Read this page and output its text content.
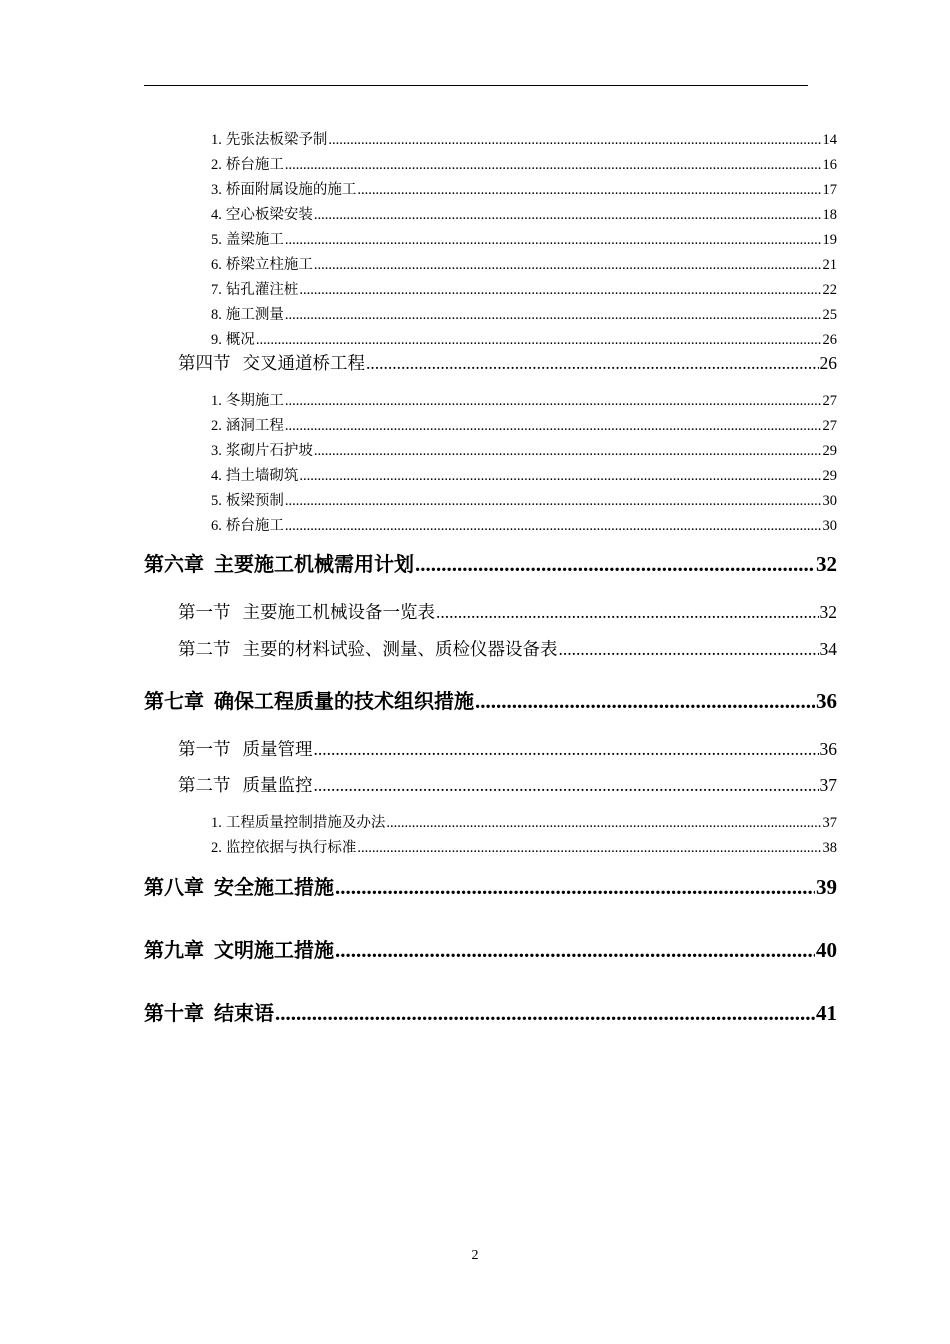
1. 先张法板梁予制 .....	14
2. 桥台施工 .....	16
3. 桥面附属设施的施工 .....	17
4. 空心板梁安装 .....	18
5. 盖梁施工 .....	19
6. 桥梁立柱施工 .....	21
7. 钻孔灌注桩 .....	22
8. 施工测量 .....	25
9. 概况 .....	26
第四节 交叉通道桥工程 .....	26
1. 冬期施工 .....	27
2. 涵洞工程 .....	27
3. 浆砌片石护坡 .....	29
4. 挡土墙砌筑 .....	29
5. 板梁预制 .....	30
6. 桥台施工 .....	30
第六章 主要施工机械需用计划 .....	32
第一节 主要施工机械设备一览表 .....	32
第二节 主要的材料试验、测量、质检仪器设备表 .....	34
第七章 确保工程质量的技术组织措施 .....	36
第一节 质量管理 .....	36
第二节 质量监控 .....	37
1. 工程质量控制措施及办法 .....	37
2. 监控依据与执行标准 .....	38
第八章 安全施工措施 .....	39
第九章 文明施工措施 .....	40
第十章 结束语 .....	41
2
